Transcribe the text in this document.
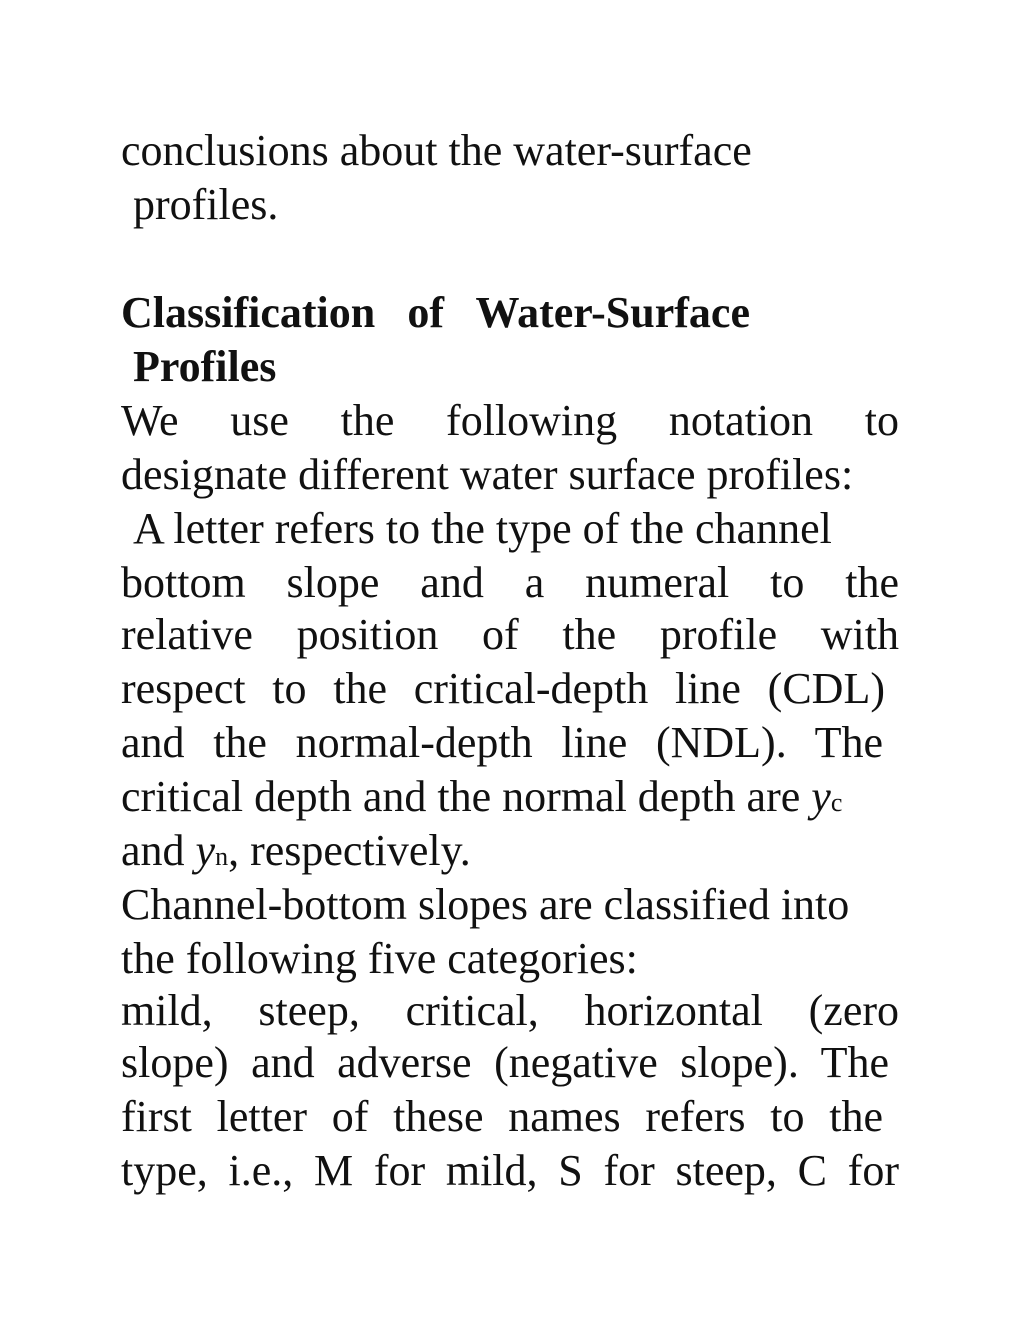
conclusions about the water-surface
profiles.
Classification of Water-Surface
Profiles
We use the following notation to
designate different water surface profiles:
A letter refers to the type of the channel
bottom slope and a numeral to the
relative position of the profile with
respect to the critical-depth line (CDL)
and the normal-depth line (NDL). The
critical depth and the normal depth are yc
and yn, respectively.
Channel-bottom slopes are classified into
the following five categories:
mild, steep, critical, horizontal (zero
slope) and adverse (negative slope). The
first letter of these names refers to the
type, i.e., M for mild, S for steep, C for
